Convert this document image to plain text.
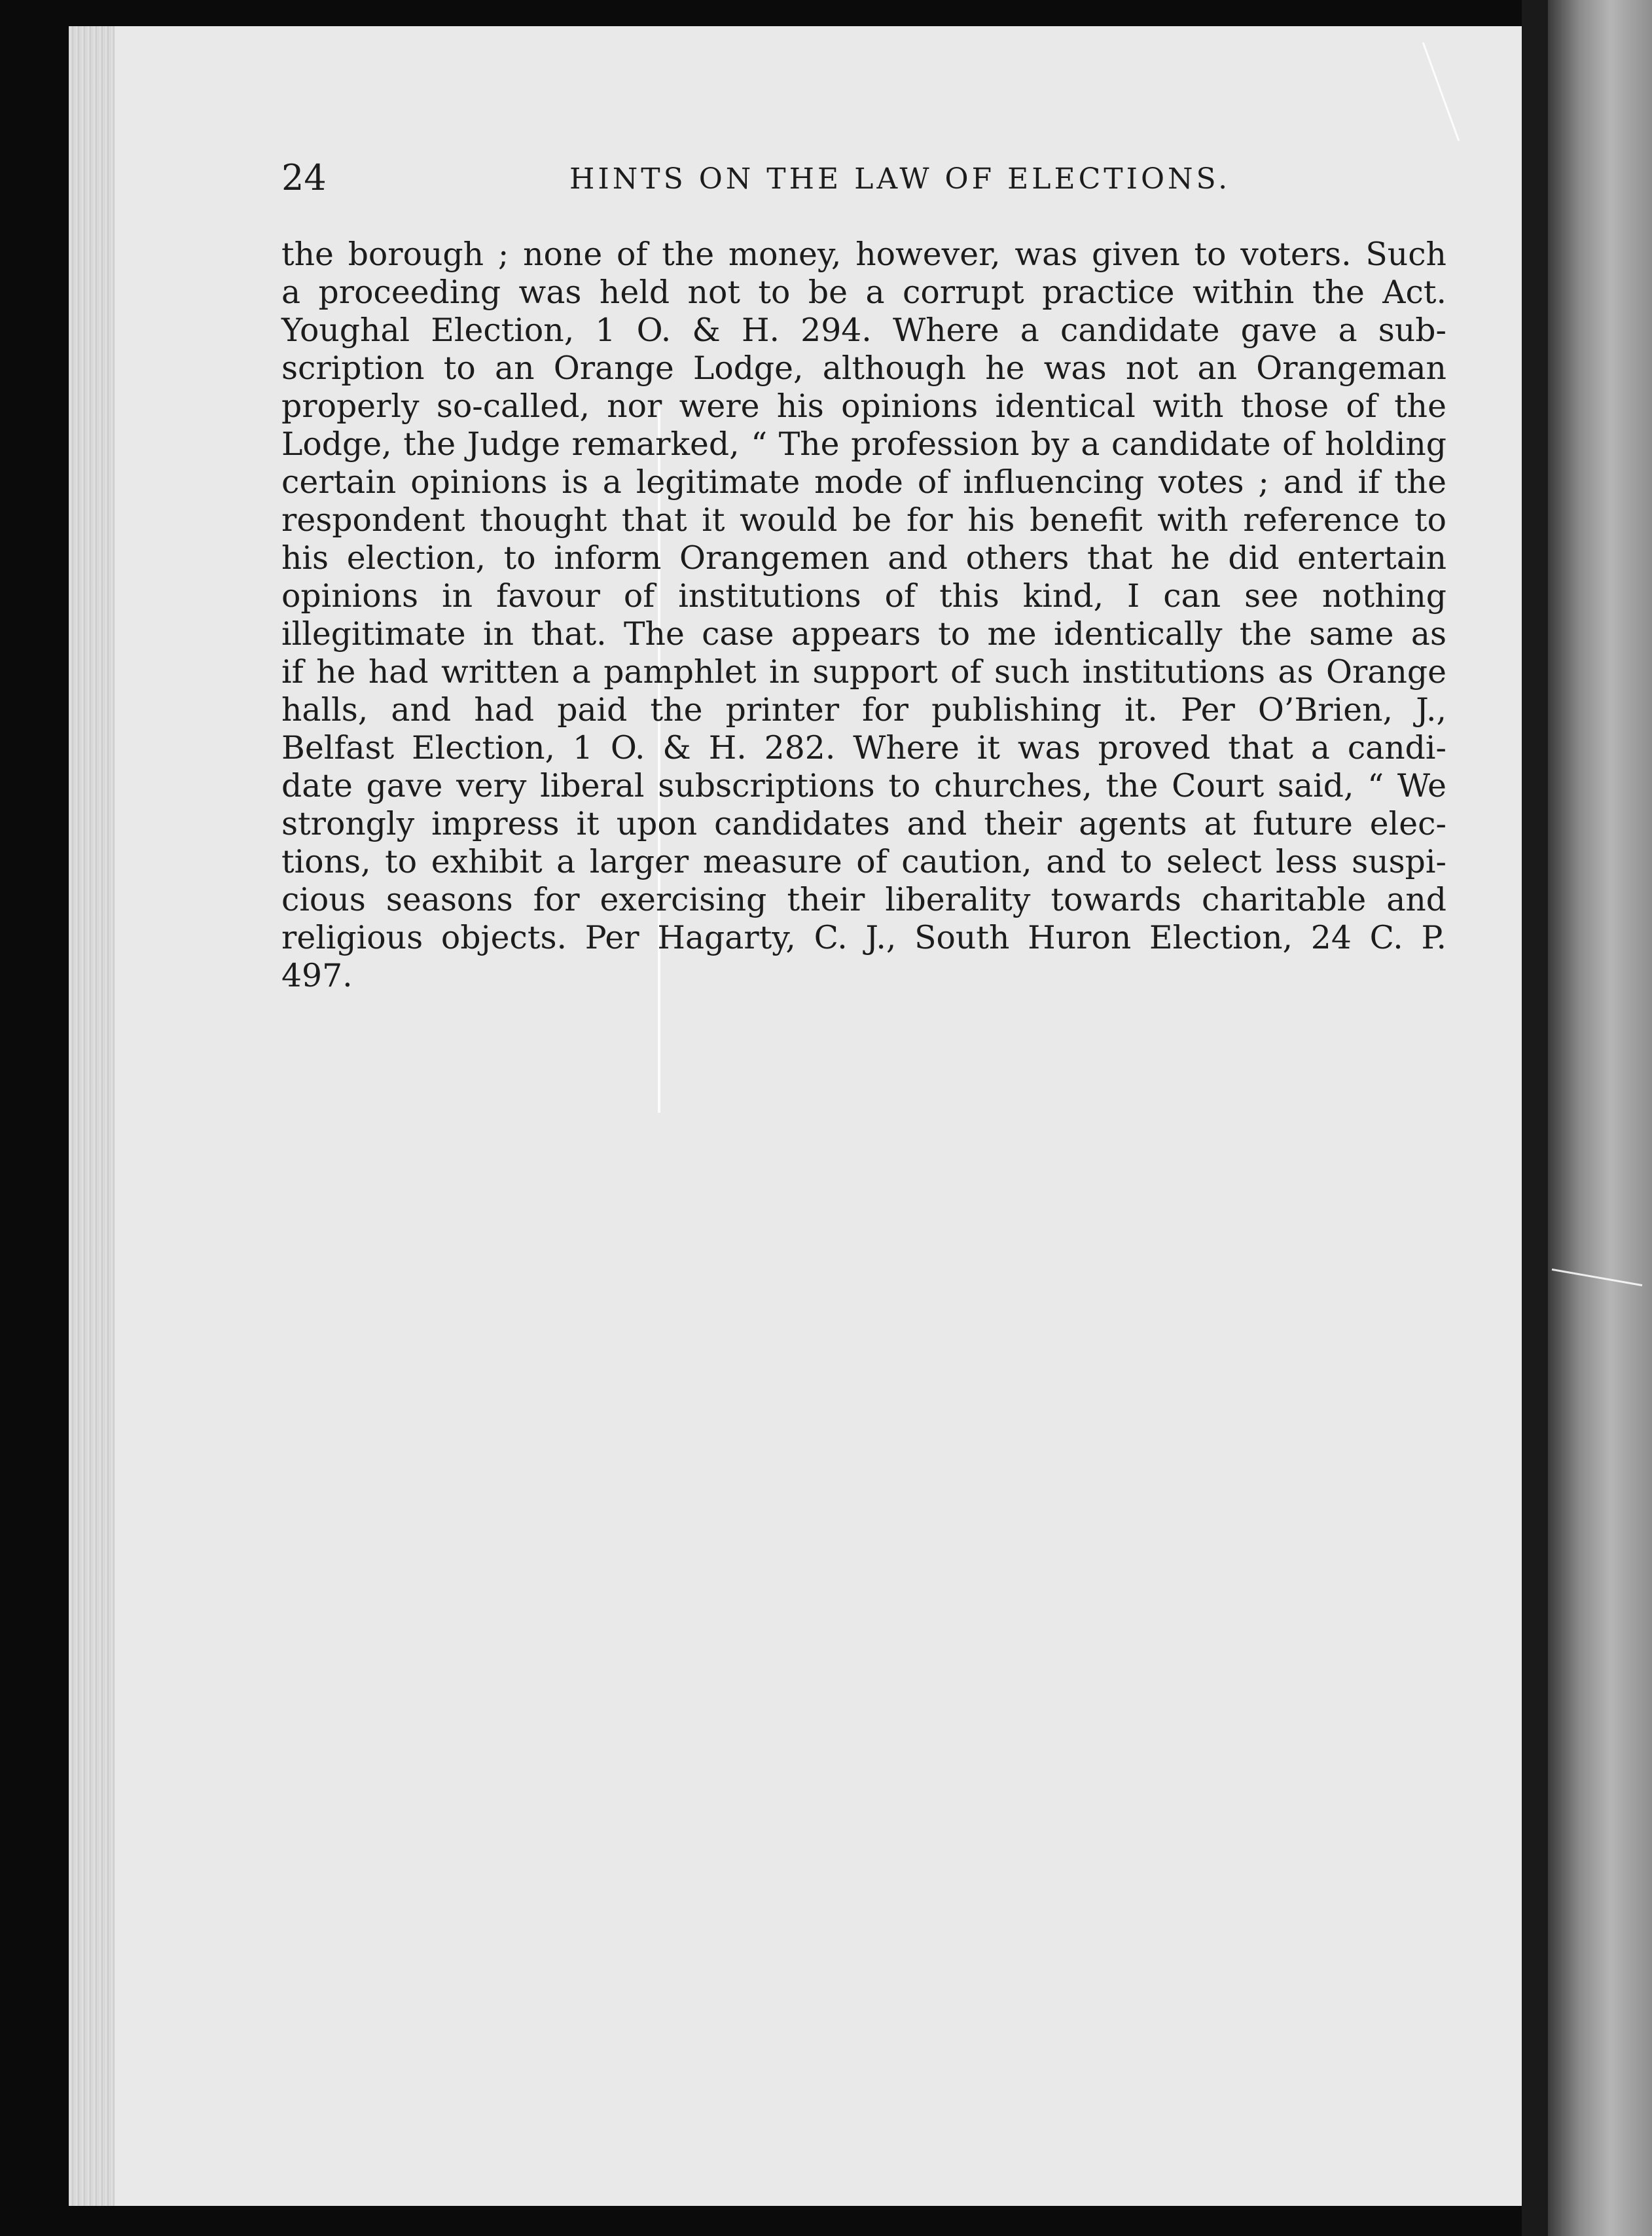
24	HINTS ON THE LAW OF ELECTIONS.
the borough ; none of the money, however, was given to voters. Such
a proceeding was held not to be a corrupt practice within the Act.
Youghal Election, 1 O. & H. 294. Where a candidate gave a sub-
scription to an Orange Lodge, although he was not an Orangeman
properly so-called, nor were his opinions identical with those of the
Lodge, the Judge remarked, “ The profession by a candidate of holding
certain opinions is a legitimate mode of influencing votes ; and if the
respondent thought that it would be for his benefit with reference to
his election, to inform Orangemen and others that he did entertain
opinions in favour of institutions of this kind, I can see nothing
illegitimate in that. The case appears to me identically the same as
if he had written a pamphlet in support of such institutions as Orange
halls, and had paid the printer for publishing it. Per O’Brien, J.,
Belfast Election, 1 O. & H. 282. Where it was proved that a candi-
date gave very liberal subscriptions to churches, the Court said, “ We
strongly impress it upon candidates and their agents at future elec-
tions, to exhibit a larger measure of caution, and to select less suspi-
cious seasons for exercising their liberality towards charitable and
religious objects. Per Hagarty, C. J., South Huron Election, 24 C. P.
497.
